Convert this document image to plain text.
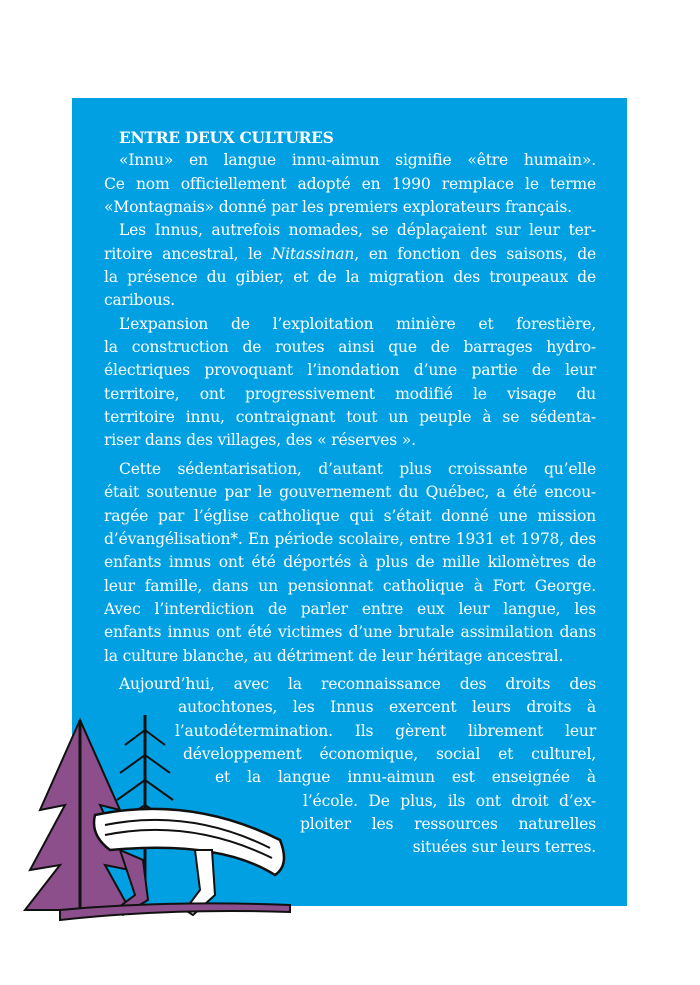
ENTRE DEUX CULTURES
«Innu» en langue innu-aimun signifie «être humain».
Ce nom officiellement adopté en 1990 remplace le terme
«Montagnais» donné par les premiers explorateurs français.
Les Innus, autrefois nomades, se déplaçaient sur leur ter-
ritoire ancestral, le Nitassinan, en fonction des saisons, de
la présence du gibier, et de la migration des troupeaux de
caribous.
L’expansion de l’exploitation minière et forestière,
la construction de routes ainsi que de barrages hydro-
électriques provoquant l’inondation d’une partie de leur
territoire, ont progressivement modifié le visage du
territoire innu, contraignant tout un peuple à se sédenta-
riser dans des villages, des « réserves ».
Cette sédentarisation, d’autant plus croissante qu’elle
était soutenue par le gouvernement du Québec, a été encou-
ragée par l’église catholique qui s’était donné une mission
d’évangélisation*. En période scolaire, entre 1931 et 1978, des
enfants innus ont été déportés à plus de mille kilomètres de
leur famille, dans un pensionnat catholique à Fort George.
Avec l’interdiction de parler entre eux leur langue, les
enfants innus ont été victimes d’une brutale assimilation dans
la culture blanche, au détriment de leur héritage ancestral.
Aujourd’hui, avec la reconnaissance des droits des
autochtones, les Innus exercent leurs droits à
l’autodétermination. Ils gèrent librement leur
développement économique, social et culturel,
et la langue innu-aimun est enseignée à
l’école. De plus, ils ont droit d’ex-
ploiter les ressources naturelles
situées sur leurs terres.
